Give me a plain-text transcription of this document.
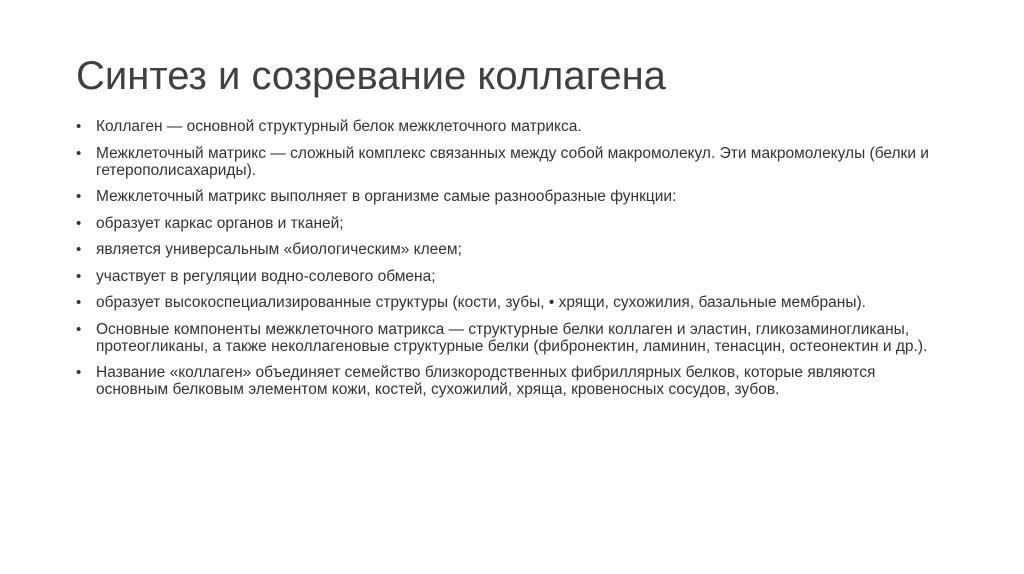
Синтез и созревание коллагена
• Коллаген — основной структурный белок межклеточного матрикса.
• Межклеточный матрикс — сложный комплекс связанных между собой макромолекул. Эти макромолекулы (белки и гетерополисахариды).
• Межклеточный матрикс выполняет в организме самые разнообразные функции:
• образует каркас органов и тканей;
• является универсальным «биологическим» клеем;
• участвует в регуляции водно-солевого обмена;
• образует высокоспециализированные структуры (кости, зубы, • хрящи, сухожилия, базальные мембраны).
• Основные компоненты межклеточного матрикса — структурные белки коллаген и эластин, гликозаминогликаны, протеогликаны, а также неколлагеновые структурные белки (фибронектин, ламинин, тенасцин, остеонектин и др.).
• Название «коллаген» объединяет семейство близкородственных фибриллярных белков, которые являются основным белковым элементом кожи, костей, сухожилий, хряща, кровеносных сосудов, зубов.
